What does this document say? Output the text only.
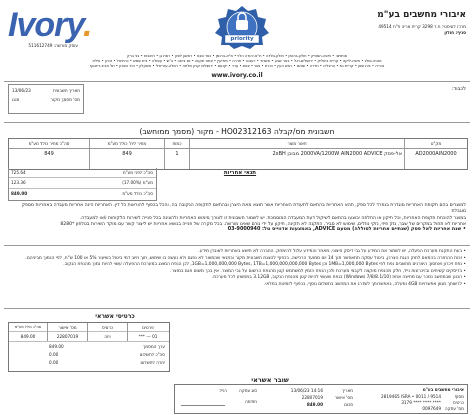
Ivory.
עוסק מורשה: 511612749
priority
איבורי מחשבים בע"מ
מרכז לוגיסטי: ת.ד 3298 קרית אריה פ"ת 49514
סניף: חולון
סניפים: • חיפה-הסטיק • חולון-ברגמן • חולון-גולדה • ת"א-יהודה הלוי • ת"א-ברגמן • כפר סבא • ראשון לציון • רמת גן • רחובות • בני ברק
נתניה-פולג • חיפה-ליקט • קריית ביאליק • ירושלים-ת.ל • באר שבע • אשדוד • רעננה • חדרה • מודיעין • פתח תקווה • נס ציונה • ב"ש • עפולה • בית שמש • כרמיאל • זכרון • אילת
נהריה • בית שאן • קריית גת • הרצליה • חדרה • שוהם • ראש העין • כנרת • נשר • צפת • ערד • יקנעם • ירושלים קניון מלחה • רמלה-עזריאלי • אשקלון • הוד השרון • תל אביב-דיזנגוף
www.ivory.co.il
לכבוד:
תאריך חשבונית
13/06/23
מס' מסמך מקור
מנגו
חשבונית מס/קבלה HO02312163 - מקור (מסמך ממוחשב)
סה"כ מחיר כולל מע"מ	מחיר ליח' כולל מע"מ	כמות	תאור מוצר	מק"ט
849	849	1	אל-פסק 2000VA/1200W AIN2000 ADVICE מבוכן 2xBH	AD2000AIN2000
725.64	סה"כ לפני מע"מ
123.36	מע"מ (17.00%)
849.00	סה"כ כולל מע"מ
תנאי אחריות
למוצרים בהם תקופת האחריות מוגדרת בנפרד לכל ספק, תהא האחריות בהתאם לתעודת האחריות אשר תוצא מאת היצרן ובהתאם לתקופה הנקובה בה, והכל בכפוף להוראות כל דין. האחריות הינה אחריות מעבדה באחריות מספק מוגבלת
במוצר להוכחת תקופת האחריות, וכל תיקון או החלפה יבוצעו בהתאם לשיקול דעת המעבדה המוסמכת. יש לשמור חשבונית זו לצורך מימוש האחריות ולהציגה בכל פנייה לשירות הלקוחות ו/או למעבדה.
אחריות לא תחול במקרים של שבר, נזק פיזי, נזקי נוזלים, שימוש לא סביר, התקנה לא תקינה, תיקון על ידי גורם שאינו מורשה. בכל מקרה של פנייה בנושא אחריות יש ליצור קשר עם מוקד השירות בטלפון *8280
• שנת אחריות לאל פסק (שנתיים אחריות לסוללה) מטעם ADVICE, באמצעות אדווייס טל: 03-9000940
• בעת התקנת מערכת הפעלה, יש לשמור את המידע על גבי דיסק חיצוני, מאחר והמידע עלול להימחק. החברה לא תישא באחריות לאובדן מידע.
• זכות ההחזרה בהתאם לחוק הגנת הצרכן, ביטול עסקה תתאפשר תוך 14 יום ממועד הרכישה, בכפוף להצגת חשבונית מקור ובתנאי שהמוצר לא נפגם ולא נעשה בו שימוש, תוך חיוב דמי ביטול בשיעור 5% או 100 ש"ח, לפי הנמוך מביניהם.
• נפח זיכרון ואחסון: היצרנים מחשבים נפח לפי 1MB=1,000,000 Bytes וכן 1GB=1,000,000,000 Bytes, 1TB=1,000,000,000,000 Bytes, לכן הנפח המוצג במערכת ההפעלה עשוי להיות נמוך מהנפח הנקוב.
• בדיסקים קשיחים ובזיכרונות נייד, חלק מהנפח מוקצה לקבצי מערכת ולכן הנפח הזמין למשתמש קטן מהנפח הרשום על גבי המוצר. אין בכך משום פגם במוצר.
• הכונן שבמחשב נמכר עם מחיצה אחת (Windows 7/8/8.1/10) בנפח שעשוי להיות קטן מהנפח הנקוב, 3.12GB בממוצע לכל מערכת.
• לרשותך מגוון אפשרויות 4GB ומעלה, באפשרותך לשדרג את המחשב בתשלום נוסף, בכפוף לזמינות במלאי.
כרטיסי אשראי
סה"כ כולל מע"מ	מס' אישור	כרטיס	פרטים
849.00	22807019	ויזה	*** --- 01
849.00	ערך המסמך
0.00	סה"כ לתשלום
0.00	יתרה לתשלום
שובר אשראי
איבורי מחשבים בע"מ
מסוף
2819465 ISRA • 0011 / 9514
כרטיס
3179 **** **** ****
מס' עסקה
0097649
תאריך
13/06/23 14:16
מס' אישור
22807019
סכום
849.00
סוג עסקה
רגיל
חתימה
